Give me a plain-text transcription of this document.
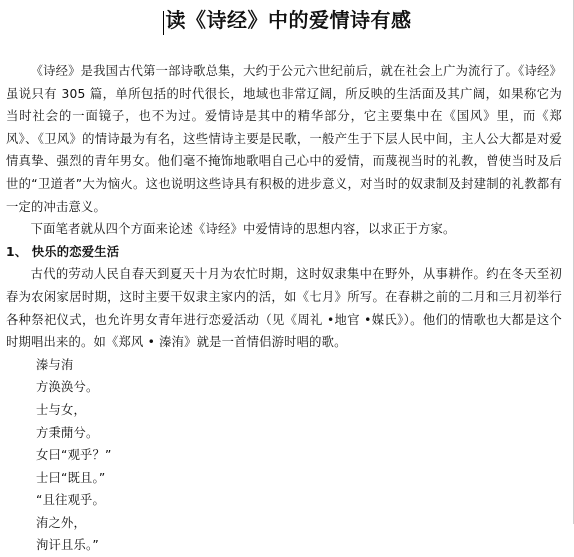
读《诗经》中的爱情诗有感

《诗经》是我国古代第一部诗歌总集，大约于公元六世纪前后，就在社会上广为流行了。《诗经》虽说只有 305 篇，单所包括的时代很长，地域也非常辽阔，所反映的生活面及其广阔，如果称它为当时社会的一面镜子，也不为过。爱情诗是其中的精华部分，它主要集中在《国风》里，而《郑风》、《卫风》的情诗最为有名，这些情诗主要是民歌，一般产生于下层人民中间，主人公大都是对爱情真挚、强烈的青年男女。他们毫不掩饰地歌唱自己心中的爱情，而蔑视当时的礼教，曾使当时及后世的“卫道者”大为恼火。这也说明这些诗具有积极的进步意义，对当时的奴隶制及封建制的礼教都有一定的冲击意义。

下面笔者就从四个方面来论述《诗经》中爱情诗的思想内容，以求正于方家。

1、 快乐的恋爱生活

古代的劳动人民自春天到夏天十月为农忙时期，这时奴隶集中在野外，从事耕作。约在冬天至初春为农闲家居时期，这时主要干奴隶主家内的活，如《七月》所写。在春耕之前的二月和三月初举行各种祭祀仪式，也允许男女青年进行恋爱活动（见《周礼 •地官 •媒氏》）。他们的情歌也大都是这个时期唱出来的。如《郑风 • 溱洧》就是一首情侣游时唱的歌。

溱与洧
方涣涣兮。
士与女，
方秉蕑兮。
女曰“观乎？”
士曰“既且。”
“且往观乎。
洧之外，
洵讦且乐。”
